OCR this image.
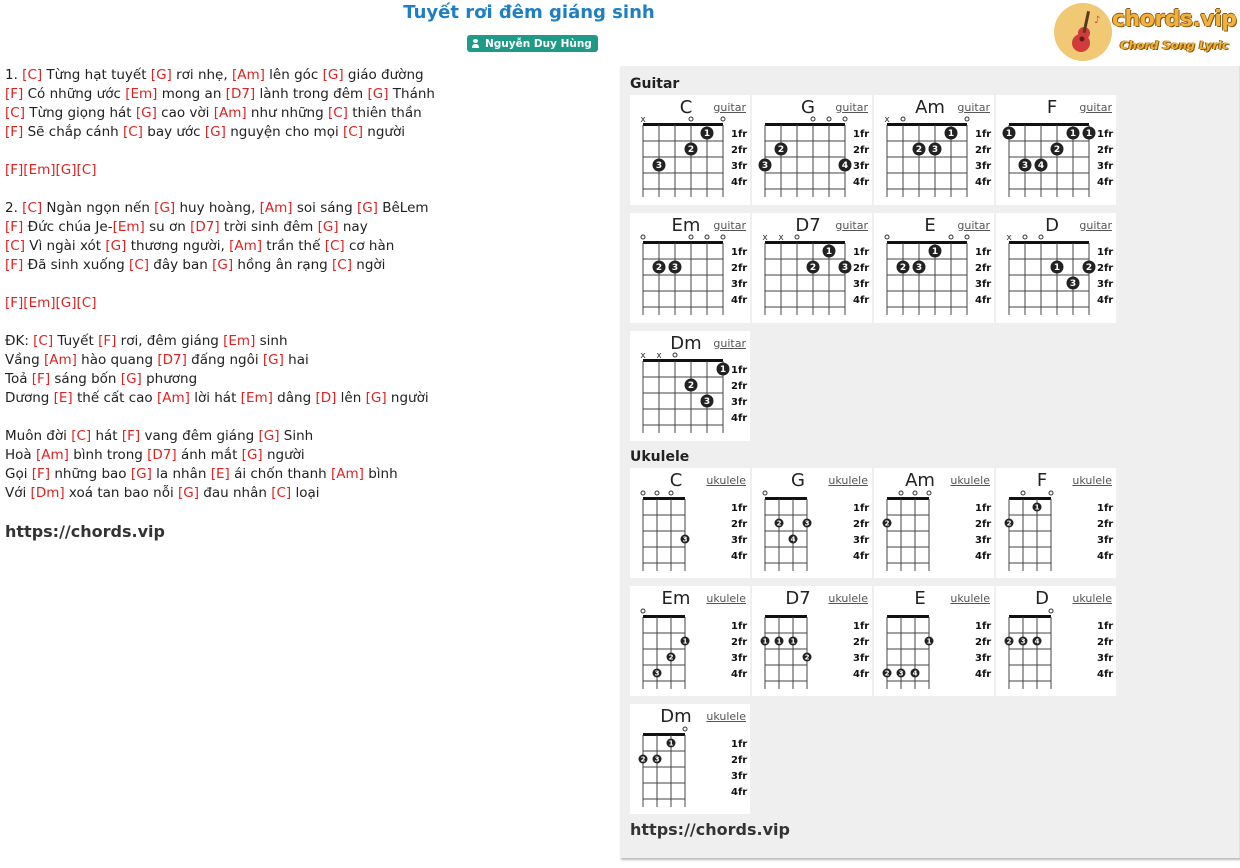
Tuyết rơi đêm giáng sinh
Nguyễn Duy Hùng
♪ chords.vip
Chord Song Lyric
1. [C] Từng hạt tuyết [G] rơi nhẹ, [Am] lên góc [G] giáo đường
[F] Có những ước [Em] mong an [D7] lành trong đêm [G] Thánh
[C] Từng giọng hát [G] cao vời [Am] như những [C] thiên thần
[F] Sẽ chắp cánh [C] bay ước [G] nguyện cho mọi [C] người
[F][Em][G][C]
2. [C] Ngàn ngọn nến [G] huy hoàng, [Am] soi sáng [G] BêLem
[F] Đức chúa Je-[Em] su ơn [D7] trời sinh đêm [G] nay
[C] Vì ngài xót [G] thương người, [Am] trần thế [C] cơ hàn
[F] Đã sinh xuống [C] đây ban [G] hồng ân rạng [C] ngời
[F][Em][G][C]
ĐK: [C] Tuyết [F] rơi, đêm giáng [Em] sinh
Vầng [Am] hào quang [D7] đấng ngôi [G] hai
Toả [F] sáng bốn [G] phương
Dương [E] thế cất cao [Am] lời hát [Em] dâng [D] lên [G] người
Muôn đời [C] hát [F] vang đêm giáng [G] Sinh
Hoà [Am] bình trong [D7] ánh mắt [G] người
Gọi [F] những bao [G] la nhân [E] ái chốn thanh [Am] bình
Với [Dm] xoá tan bao nỗi [G] đau nhân [C] loại
https://chords.vip
Guitar
x
1
2
3
1fr
2fr
3fr
4fr
C	guitar
2
3	4
1fr
2fr
3fr
4fr
G	guitar
x
1
2 3
1fr
2fr
3fr
4fr
Am	guitar
1	1 1
2
3 4
1fr
2fr
3fr
4fr
F	guitar
2 3
1fr
2fr
3fr
4fr
Em	guitar
x x
1
2	3
1fr
2fr
3fr
4fr
D7	guitar
1
2 3
1fr
2fr
3fr
4fr
E	guitar
x
1	2
3
1fr
2fr
3fr
4fr
D	guitar
x x
1
2
3
1fr
2fr
3fr
4fr
Dm	guitar
Ukulele
3
1fr
2fr
3fr
4fr
C	ukulele
2	3
4
1fr
2fr
3fr
4fr
G	ukulele
2
1fr
2fr
3fr
4fr
Am	ukulele
1
2
1fr
2fr
3fr
4fr
F	ukulele
1
2
3
1fr
2fr
3fr
4fr
Em	ukulele
1 1 1
2
1fr
2fr
3fr
4fr
D7	ukulele
1
2 3 4
1fr
2fr
3fr
4fr
E	ukulele
2 3 4
1fr
2fr
3fr
4fr
D	ukulele
1
2 3
1fr
2fr
3fr
4fr
Dm	ukulele
https://chords.vip
